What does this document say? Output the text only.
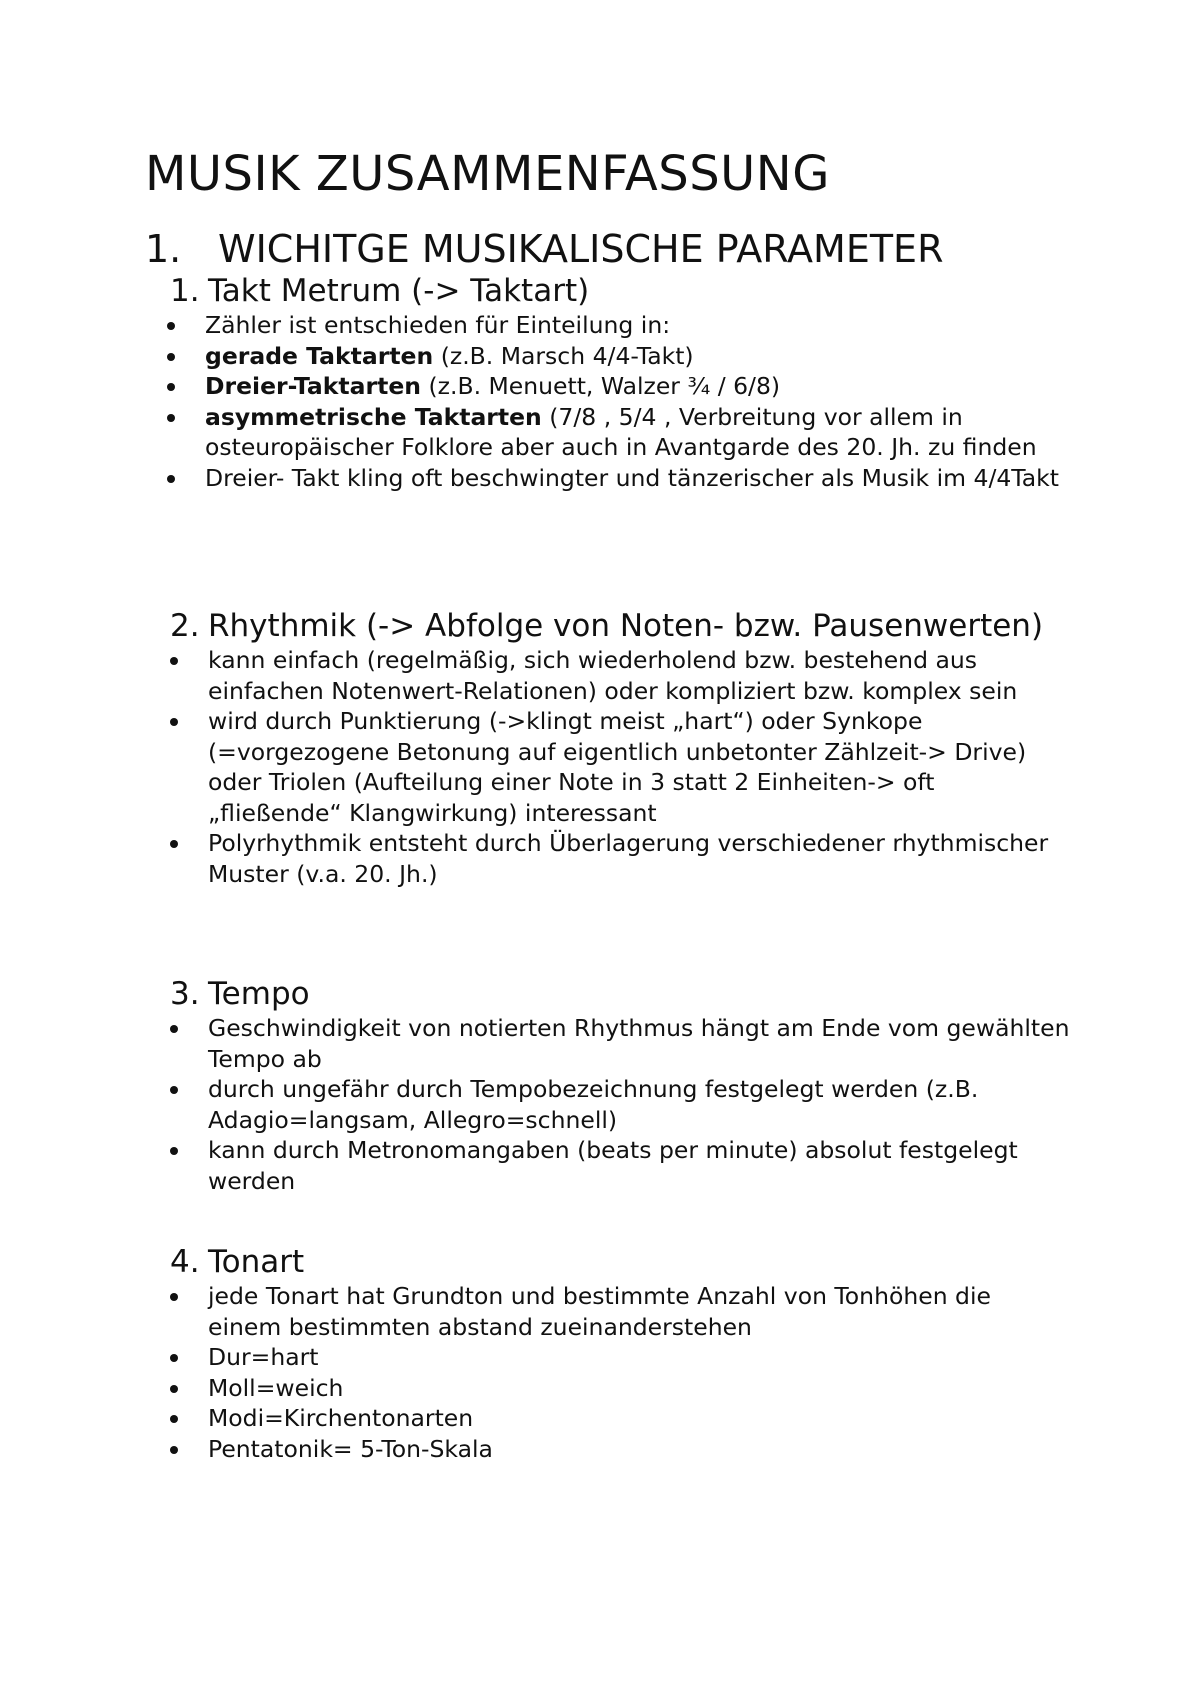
MUSIK ZUSAMMENFASSUNG
1. WICHITGE MUSIKALISCHE PARAMETER
1. Takt Metrum (-> Taktart)
Zähler ist entschieden für Einteilung in:
gerade Taktarten (z.B. Marsch 4/4-Takt)
Dreier-Taktarten (z.B. Menuett, Walzer ¾ / 6/8)
asymmetrische Taktarten (7/8 , 5/4 , Verbreitung vor allem in osteuropäischer Folklore aber auch in Avantgarde des 20. Jh. zu finden
Dreier- Takt kling oft beschwingter und tänzerischer als Musik im 4/4Takt
2. Rhythmik (-> Abfolge von Noten- bzw. Pausenwerten)
kann einfach (regelmäßig, sich wiederholend bzw. bestehend aus einfachen Notenwert-Relationen) oder kompliziert bzw. komplex sein
wird durch Punktierung (->klingt meist „hart“) oder Synkope (=vorgezogene Betonung auf eigentlich unbetonter Zählzeit-> Drive) oder Triolen (Aufteilung einer Note in 3 statt 2 Einheiten-> oft „fließende“ Klangwirkung) interessant
Polyrhythmik entsteht durch Überlagerung verschiedener rhythmischer Muster (v.a. 20. Jh.)
3. Tempo
Geschwindigkeit von notierten Rhythmus hängt am Ende vom gewählten Tempo ab
durch ungefähr durch Tempobezeichnung festgelegt werden (z.B. Adagio=langsam, Allegro=schnell)
kann durch Metronomangaben (beats per minute) absolut festgelegt werden
4. Tonart
jede Tonart hat Grundton und bestimmte Anzahl von Tonhöhen die einem bestimmten abstand zueinanderstehen
Dur=hart
Moll=weich
Modi=Kirchentonarten
Pentatonik= 5-Ton-Skala
